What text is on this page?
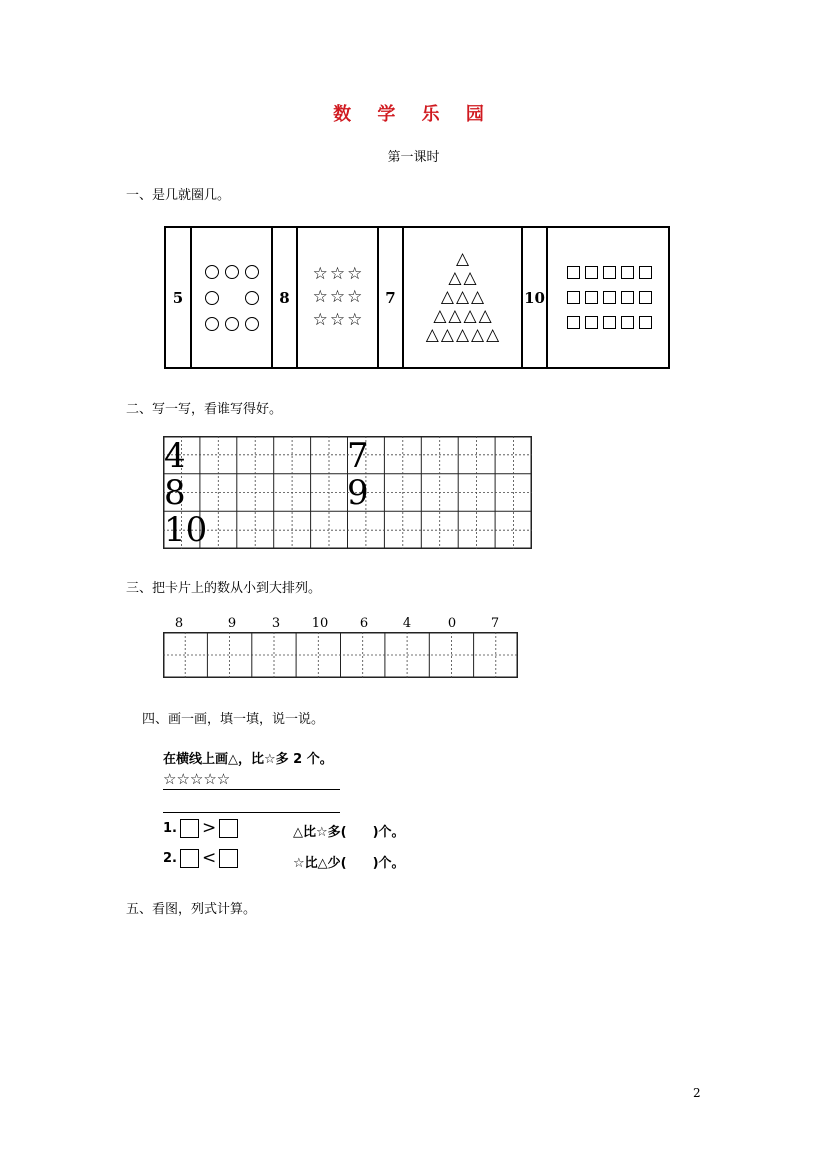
数 学 乐 园
第一课时
一、是几就圈几。
5	8
☆ ☆ ☆
☆ ☆ ☆
☆ ☆ ☆
7
△
△ △
△ △ △
△ △ △ △
△ △ △ △ △
10
二、写一写，看谁写得好。
4	7
8	9
10
三、把卡片上的数从小到大排列。
8	9	3	10	6	4	0	7
四、画一画，填一填，说一说。
在横线上画△，比☆多 2 个。
☆☆☆☆☆
1. >	△比☆多(　　)个。
2. <	☆比△少(　　)个。
五、看图，列式计算。
2
